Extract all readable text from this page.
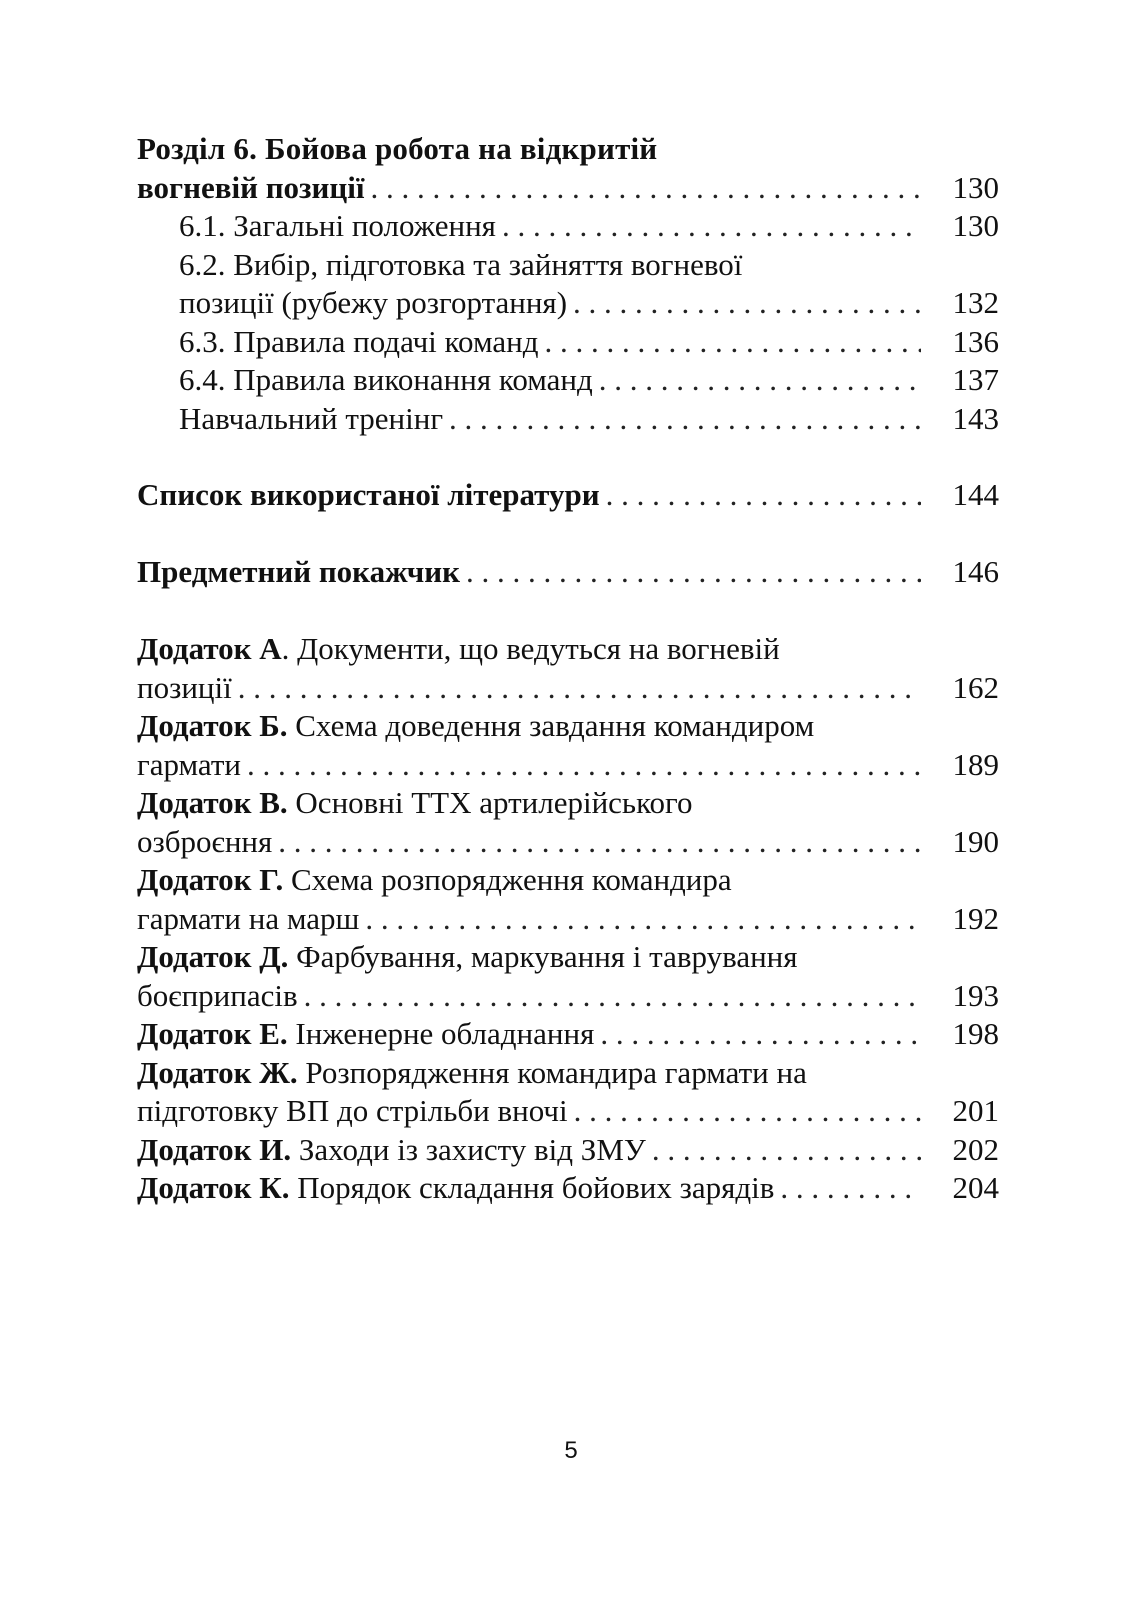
Розділ 6. Бойова робота на відкритій
вогневій позиції . . .	130
6.1. Загальні положення . . .	130
6.2. Вибір, підготовка та зайняття вогневої
позиції (рубежу розгортання) . . .	132
6.3. Правила подачі команд . . .	136
6.4. Правила виконання команд . . .	137
Навчальний тренінг . . .	143
Список використаної літератури . . .	144
Предметний покажчик . . .	146
Додаток А. Документи, що ведуться на вогневій
позиції . . .	162
Додаток Б. Схема доведення завдання командиром
гармати . . .	189
Додаток В. Основні ТТХ артилерійського
озброєння . . .	190
Додаток Г. Схема розпорядження командира
гармати на марш . . .	192
Додаток Д. Фарбування, маркування і таврування
боєприпасів . . .	193
Додаток Е. Інженерне обладнання . . .	198
Додаток Ж. Розпорядження командира гармати на
підготовку ВП до стрільби вночі . . .	201
Додаток И. Заходи із захисту від ЗМУ . . .	202
Додаток К. Порядок складання бойових зарядів . . .	204
5
